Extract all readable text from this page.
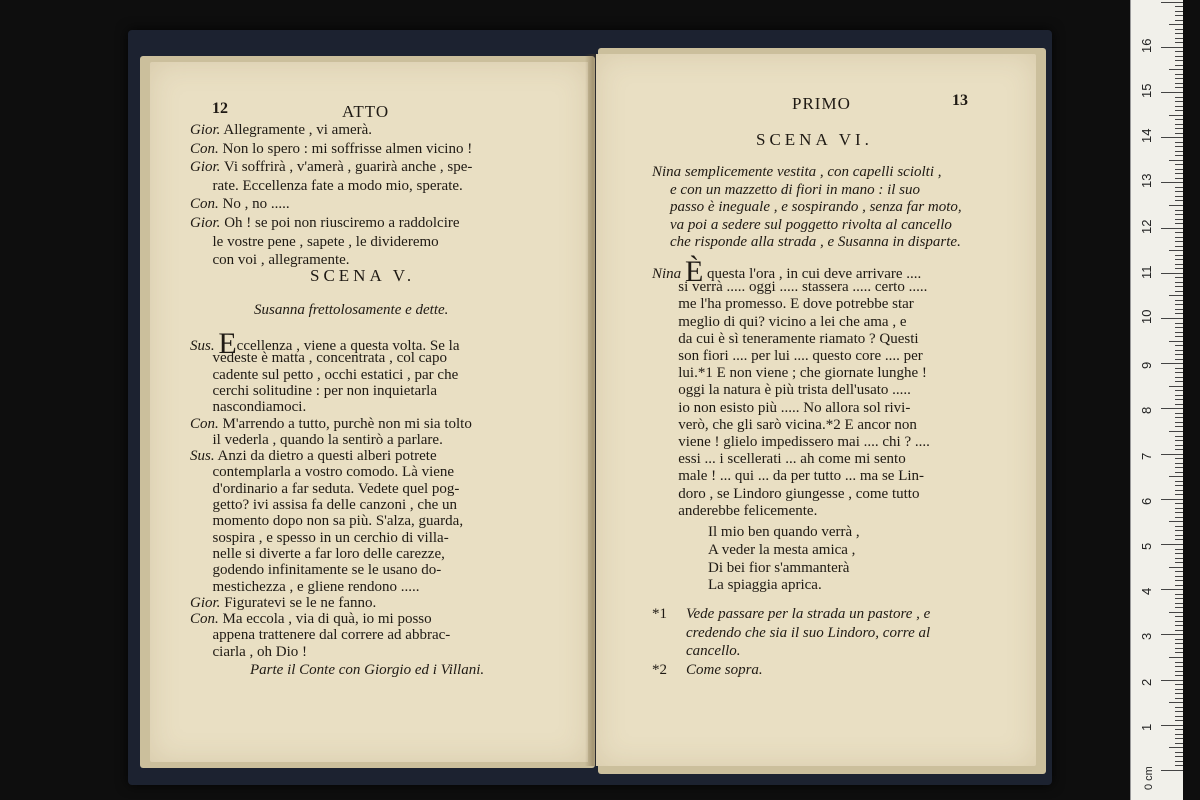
12	ATTO
Gior. Allegramente , vi amerà.
Con. Non lo spero : mi soffrisse almen vicino !
Gior. Vi soffrirà , v'amerà , guarirà anche , spe-
rate. Eccellenza fate a modo mio, sperate.
Con. No , no .....
Gior. Oh ! se poi non riusciremo a raddolcire
le vostre pene , sapete , le divideremo
con voi , allegramente.
SCENA V.
Susanna frettolosamente e dette.
Sus. Eccellenza , viene a questa volta. Se la
vedeste è matta , concentrata , col capo
cadente sul petto , occhi estatici , par che
cerchi solitudine : per non inquietarla
nascondiamoci.
Con. M'arrendo a tutto, purchè non mi sia tolto
il vederla , quando la sentirò a parlare.
Sus. Anzi da dietro a questi alberi potrete
contemplarla a vostro comodo. Là viene
d'ordinario a far seduta. Vedete quel pog-
getto? ivi assisa fa delle canzoni , che un
momento dopo non sa più. S'alza, guarda,
sospira , e spesso in un cerchio di villa-
nelle si diverte a far loro delle carezze,
godendo infinitamente se le usano do-
mestichezza , e gliene rendono .....
Gior. Figuratevi se le ne fanno.
Con. Ma eccola , via di quà, io mi posso
appena trattenere dal correre ad abbrac-
ciarla , oh Dio !
Parte il Conte con Giorgio ed i Villani.
PRIMO	13
SCENA VI.
Nina semplicemente vestita , con capelli sciolti ,
e con un mazzetto di fiori in mano : il suo
passo è ineguale , e sospirando , senza far moto,
va poi a sedere sul poggetto rivolta al cancello
che risponde alla strada , e Susanna in disparte.
Nina È questa l'ora , in cui deve arrivare ....
si verrà ..... oggi ..... stassera ..... certo .....
me l'ha promesso. E dove potrebbe star
meglio di qui? vicino a lei che ama , e
da cui è sì teneramente riamato ? Questi
son fiori .... per lui .... questo core .... per
lui.*1 E non viene ; che giornate lunghe !
oggi la natura è più trista dell'usato .....
io non esisto più ..... No allora sol rivi-
verò, che gli sarò vicina.*2 E ancor non
viene ! glielo impedissero mai .... chi ? ....
essi ... i scellerati ... ah come mi sento
male ! ... qui ... da per tutto ... ma se Lin-
doro , se Lindoro giungesse , come tutto
anderebbe felicemente.
Il mio ben quando verrà ,
A veder la mesta amica ,
Di bei fior s'ammanterà
La spiaggia aprica.
*1 Vede passare per la strada un pastore , e
credendo che sia il suo Lindoro, corre al
cancello.
*2 Come sopra.
0 cm
1
2
3
4
5
6
7
8
9
10
11
12
13
14
15
16
